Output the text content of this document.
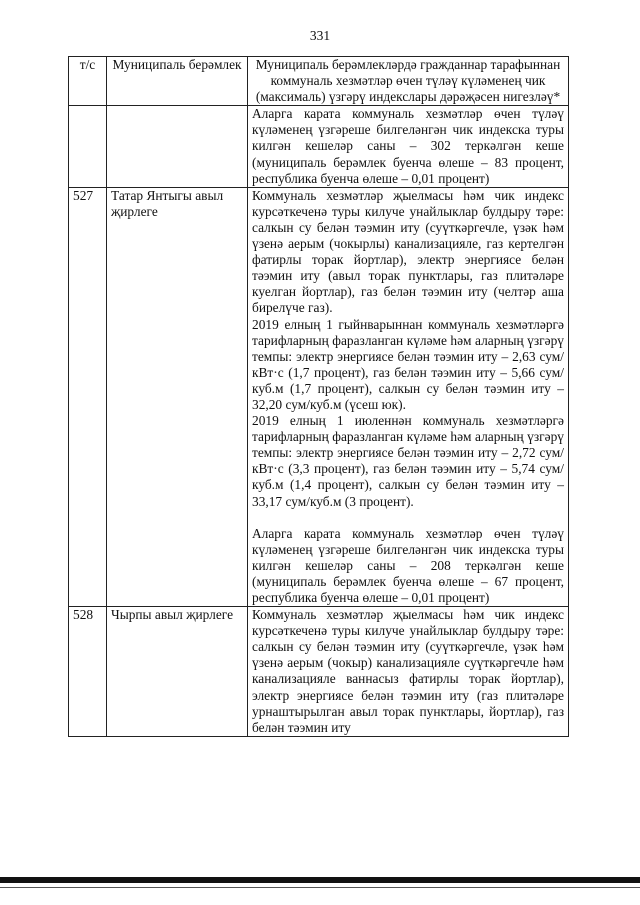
331
т/с	Муниципаль берәмлек	Муниципаль берәмлекләрдә гражданнар тарафыннан коммуналь хезмәтләр өчен түләү күләменең чик (максималь) үзгәрү индекслары дәрәҗәсен нигезләү*
		Аларга карата коммуналь хезмәтләр өчен түләү күләменең үзгәреше билгеләнгән чик индекска туры килгән кешеләр саны – 302 теркәлгән кеше (муниципаль берәмлек буенча өлеше – 83 процент, республика буенча өлеше – 0,01 процент)
527	Татар Янтыгы авыл җирлеге	Коммуналь хезмәтләр җыелмасы һәм чик индекс курсәткеченә туры килуче унайлыклар булдыру тәре: салкын су белән тәэмин иту (суүткәргечле, үзәк һәм үзенә аерым (чокырлы) канализацияле, газ кертелгән фатирлы торак йортлар), электр энергиясе белән тәэмин иту (авыл торак пунктлары, газ плитәләре куелган йортлар), газ белән тәэмин иту (челтәр аша бирелүче газ).
2019 елның 1 гыйнварыннан коммуналь хезмәтләргә тарифларның фаразланган күләме һәм аларның үзгәрү темпы: электр энергиясе белән тәэмин иту – 2,63 сум/кВт·с (1,7 процент), газ белән тәэмин иту – 5,66 сум/куб.м (1,7 процент), салкын су белән тәэмин иту – 32,20 сум/куб.м (үсеш юк).
2019 елның 1 июленнән коммуналь хезмәтләргә тарифларның фаразланган күләме һәм аларның үзгәрү темпы: электр энергиясе белән тәэмин иту – 2,72 сум/кВт·с (3,3 процент), газ белән тәэмин иту – 5,74 сум/куб.м (1,4 процент), салкын су белән тәэмин иту – 33,17 сум/куб.м (3 процент).
Аларга карата коммуналь хезмәтләр өчен түләү күләменең үзгәреше билгеләнгән чик индекска туры килгән кешеләр саны – 208 теркәлгән кеше (муниципаль берәмлек буенча өлеше – 67 процент, республика буенча өлеше – 0,01 процент)

528	Чырпы авыл җирлеге	Коммуналь хезмәтләр җыелмасы һәм чик индекс курсәткеченә туры килуче унайлыклар булдыру тәре: салкын су белән тәэмин иту (суүткәргечле, үзәк һәм үзенә аерым (чокыр) канализацияле суүткәргечле һәм канализацияле ваннасыз фатирлы торак йортлар), электр энергиясе белән тәэмин иту (газ плитәләре урнаштырылган авыл торак пунктлары, йортлар), газ белән тәэмин иту
